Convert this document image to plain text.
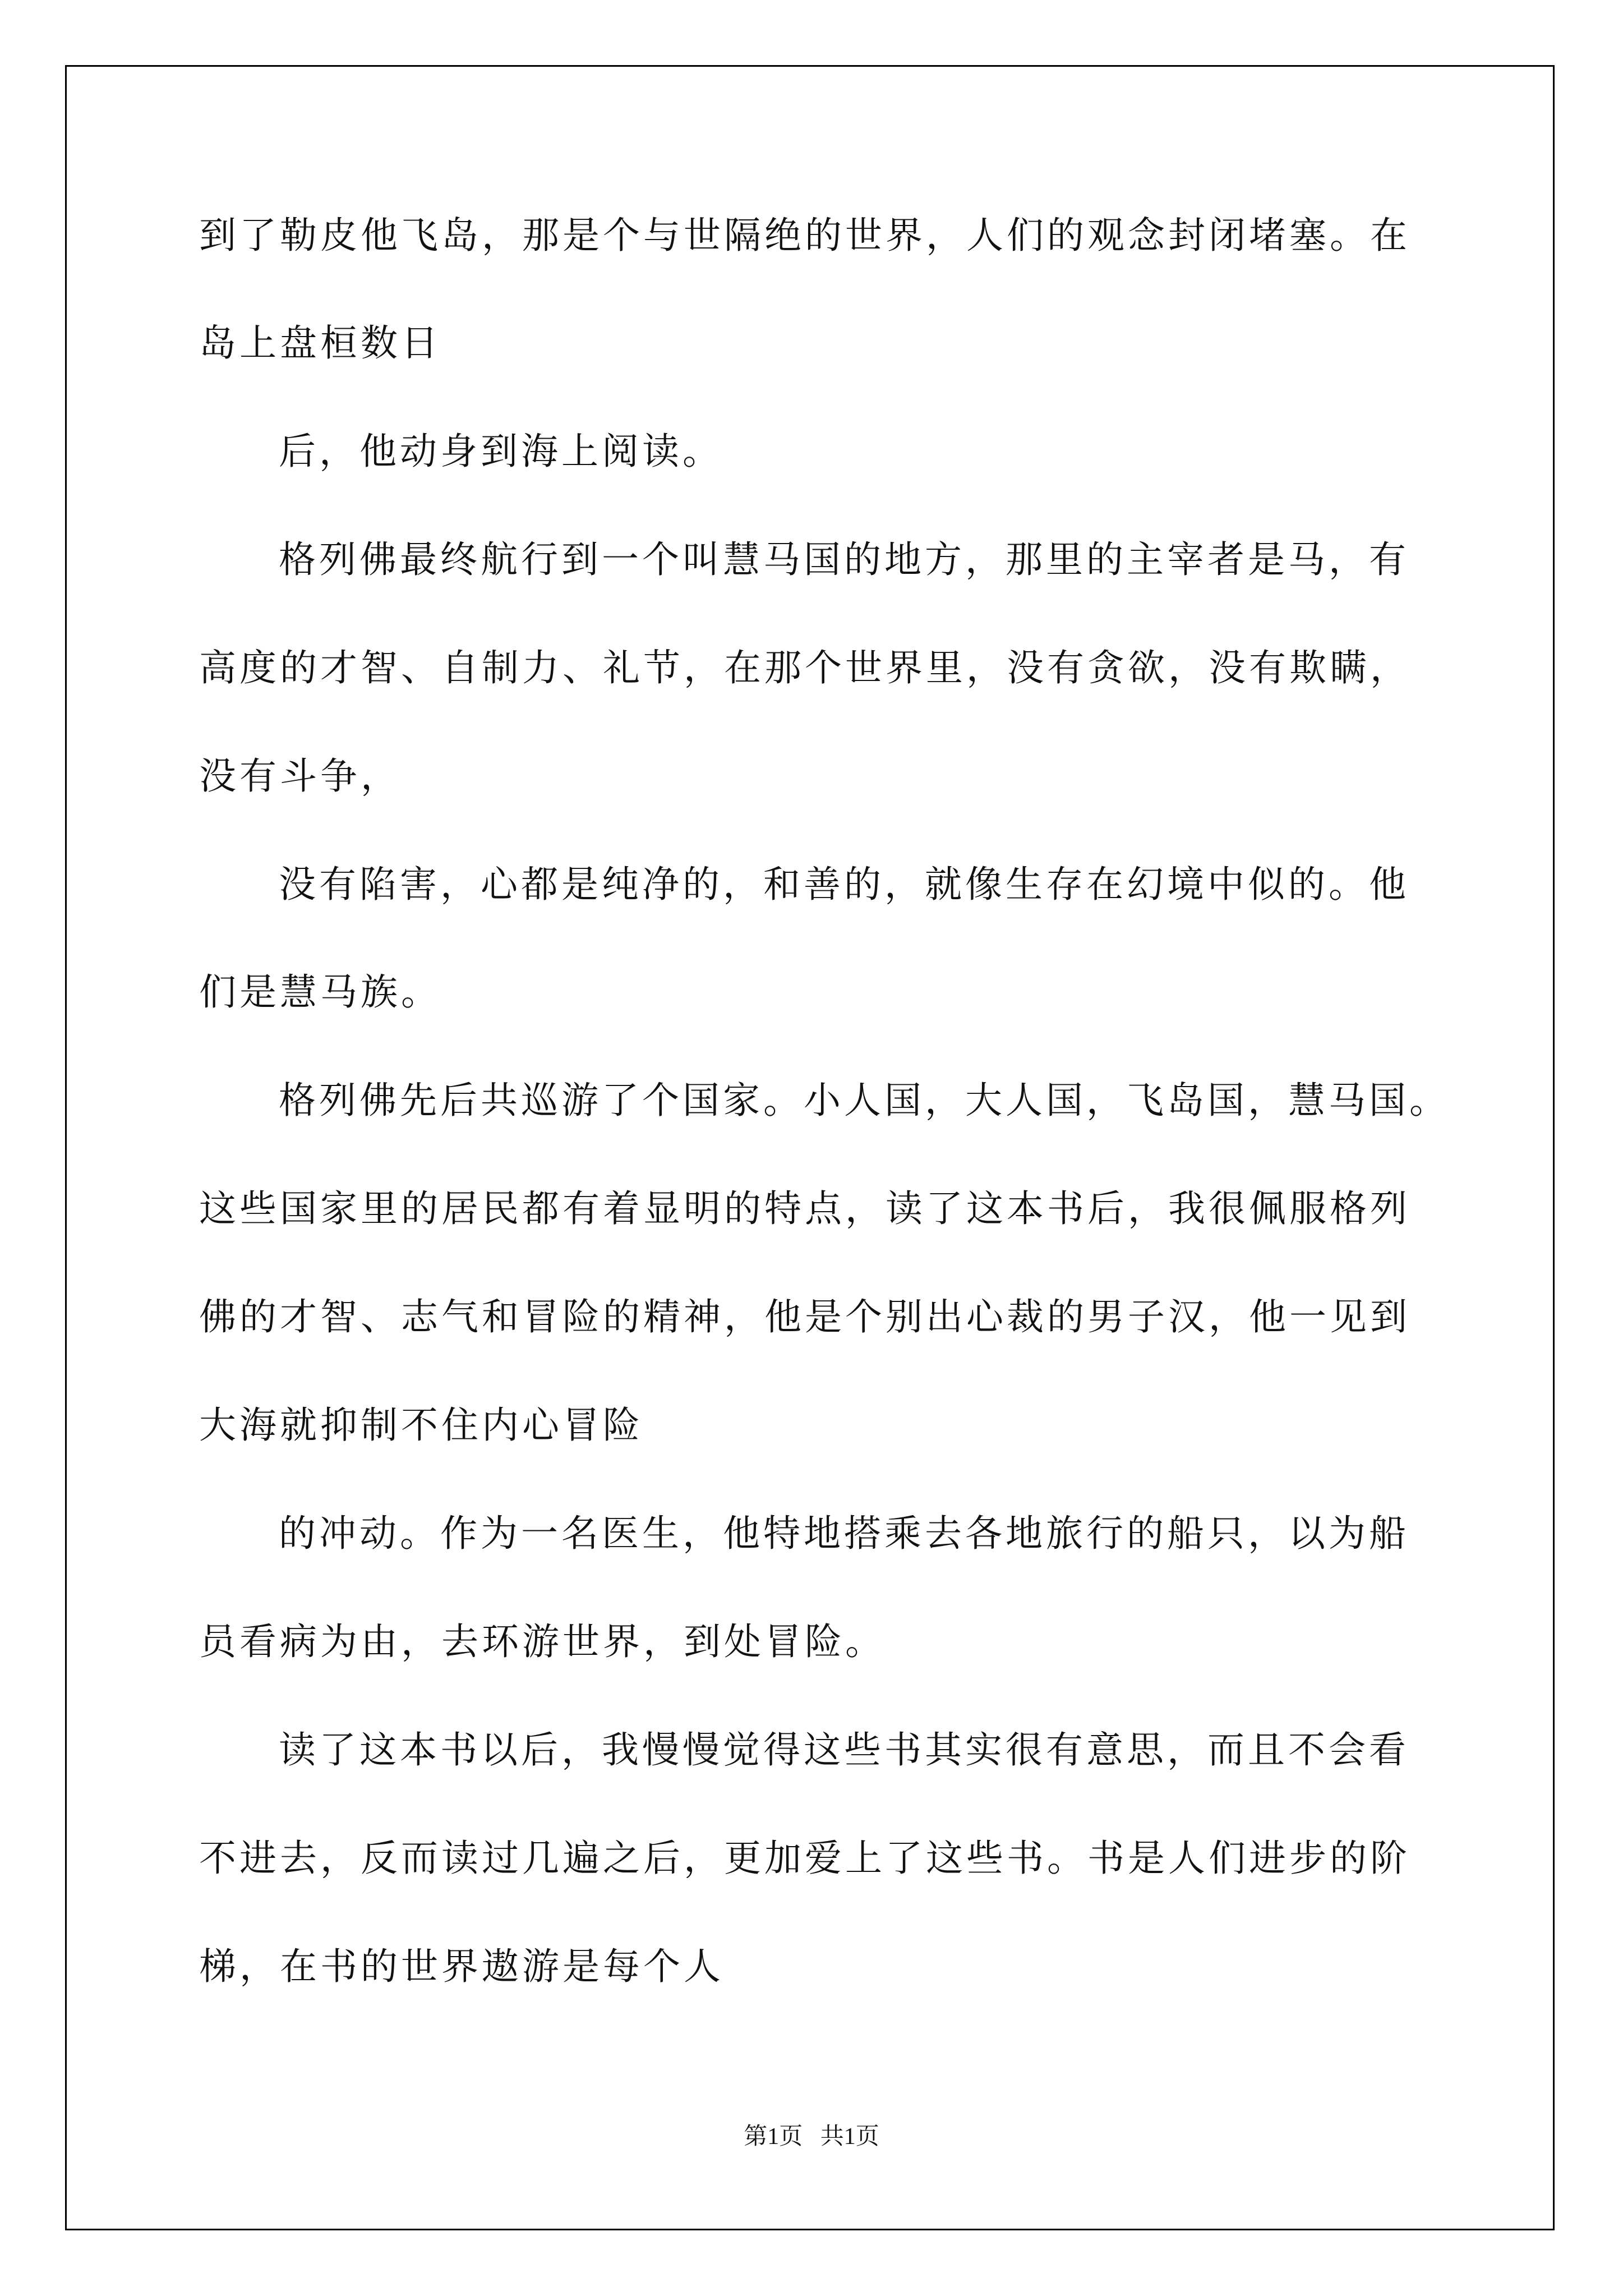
到了勒皮他飞岛，那是个与世隔绝的世界，人们的观念封闭堵塞。在
岛上盘桓数日
后，他动身到海上阅读。
格列佛最终航行到一个叫慧马国的地方，那里的主宰者是马，有
高度的才智、自制力、礼节，在那个世界里，没有贪欲，没有欺瞒，
没有斗争，
没有陷害，心都是纯净的，和善的，就像生存在幻境中似的。他
们是慧马族。
格列佛先后共巡游了个国家。小人国，大人国，飞岛国，慧马国。
这些国家里的居民都有着显明的特点，读了这本书后，我很佩服格列
佛的才智、志气和冒险的精神，他是个别出心裁的男子汉，他一见到
大海就抑制不住内心冒险
的冲动。作为一名医生，他特地搭乘去各地旅行的船只，以为船
员看病为由，去环游世界，到处冒险。
读了这本书以后，我慢慢觉得这些书其实很有意思，而且不会看
不进去，反而读过几遍之后，更加爱上了这些书。书是人们进步的阶
梯，在书的世界遨游是每个人
第1页   共1页
